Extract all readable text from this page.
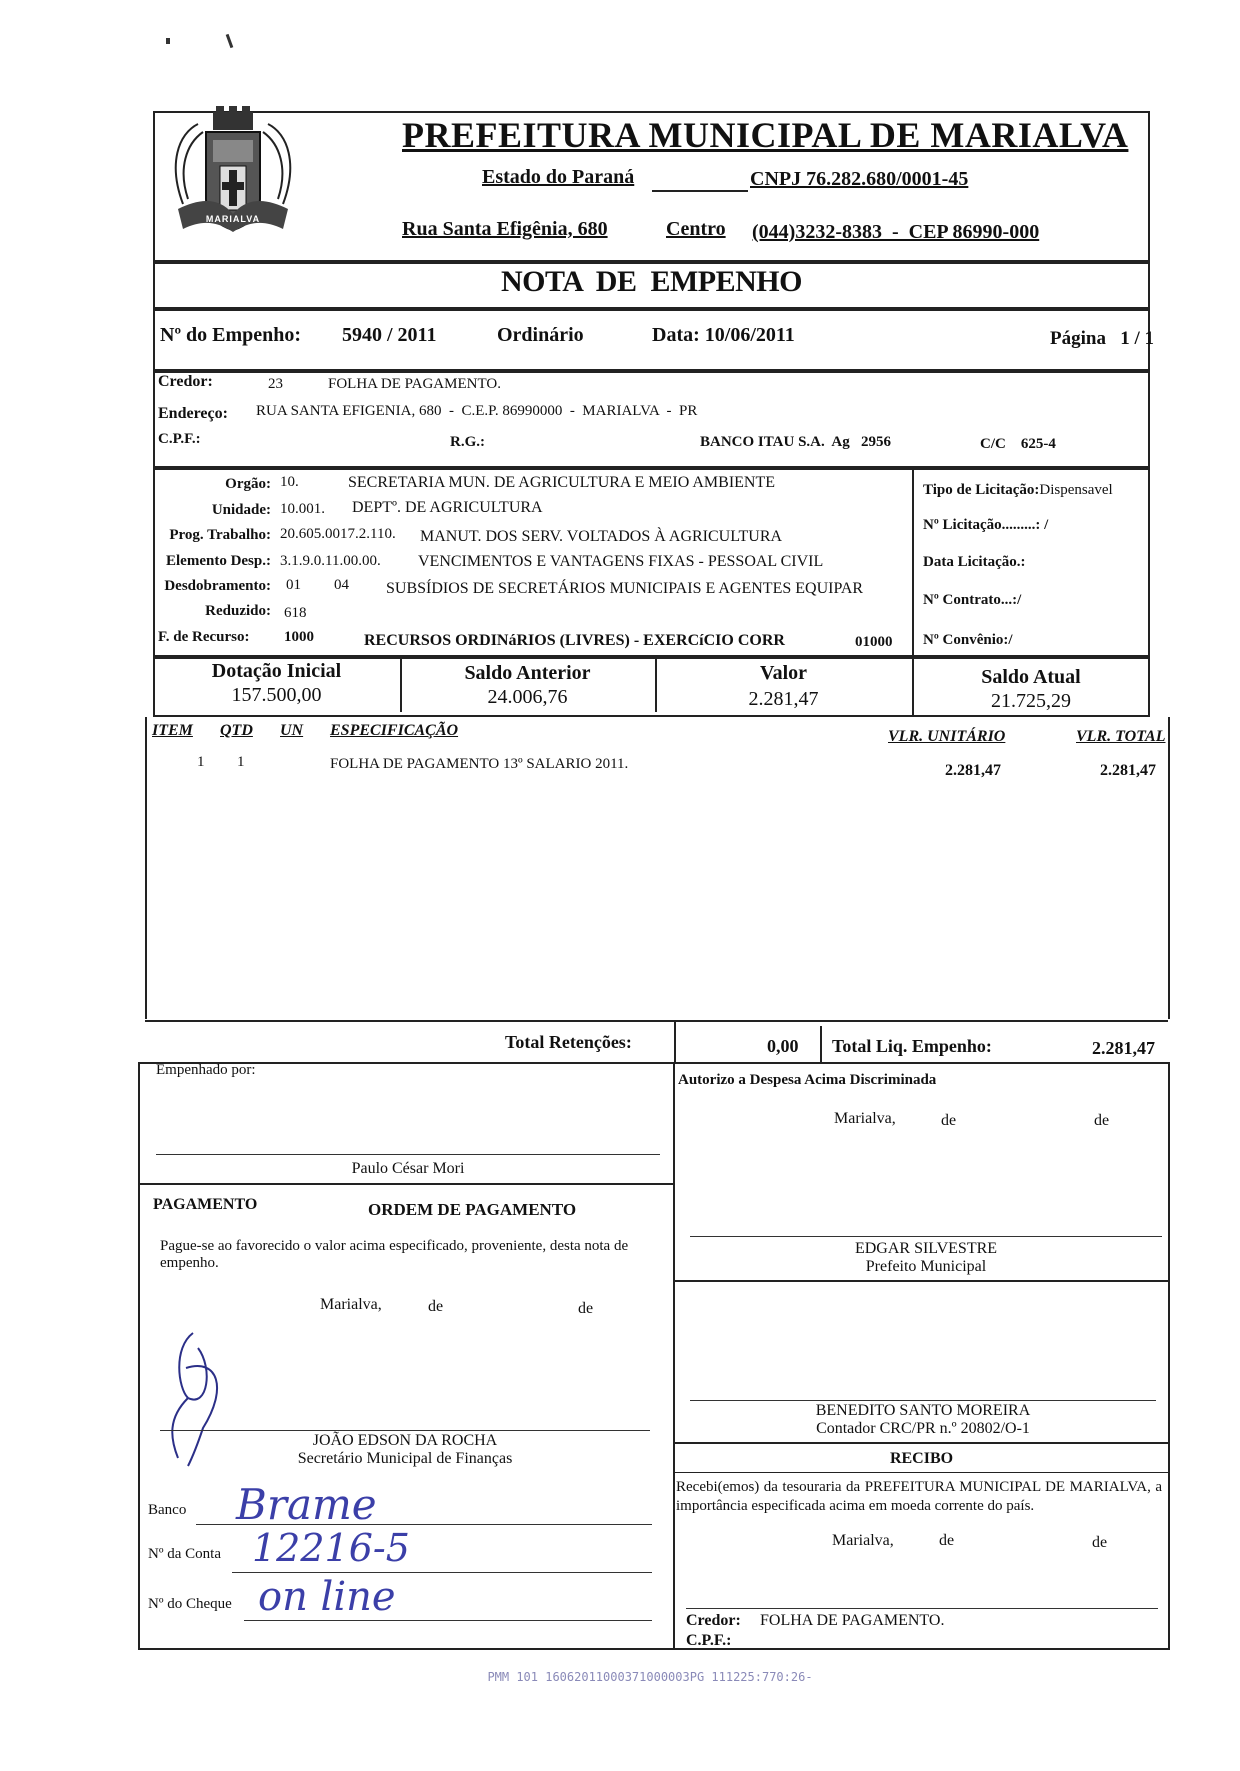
MARIALVA
PREFEITURA MUNICIPAL DE MARIALVA
Estado do Paraná	CNPJ 76.282.680/0001-45
Rua Santa Efigênia, 680	Centro (044)3232-8383  -  CEP 86990-000
NOTA  DE  EMPENHO
Nº do Empenho: 5940 / 2011	Ordinário	Data: 10/06/2011	Página   1 / 1
Credor:	23	FOLHA DE PAGAMENTO.
Endereço: RUA SANTA EFIGENIA, 680  -  C.E.P. 86990000  -  MARIALVA  -  PR
C.P.F.:	R.G.:	BANCO ITAU S.A.  Ag   2956	C/C    625-4
Orgão: 10.	SECRETARIA MUN. DE AGRICULTURA E MEIO AMBIENTE
Unidade: 10.001. DEPTº. DE AGRICULTURA
Prog. Trabalho: 20.605.0017.2.110. MANUT. DOS SERV. VOLTADOS À AGRICULTURA
Elemento Desp.: 3.1.9.0.11.00.00. VENCIMENTOS E VANTAGENS FIXAS - PESSOAL CIVIL
Desdobramento: 01 04 SUBSÍDIOS DE SECRETÁRIOS MUNICIPAIS E AGENTES EQUIPAR
Reduzido: 618
F. de Recurso: 1000	RECURSOS ORDINáRIOS (LIVRES) - EXERCíCIO CORR	01000
Tipo de Licitação:Dispensavel
Nº Licitação.........: /
Data Licitação.:
Nº Contrato...:/
Nº Convênio:/
Dotação Inicial
157.500,00
Saldo Anterior
24.006,76
Valor
2.281,47
Saldo Atual
21.725,29
ITEM QTD UN ESPECIFICAÇÃO	VLR. UNITÁRIO	VLR. TOTAL
1 1	FOLHA DE PAGAMENTO 13º SALARIO 2011.	2.281,47	2.281,47
Total Retenções:	0,00 Total Liq. Empenho:	2.281,47
Empenhado por:
Paulo César Mori
PAGAMENTO	ORDEM DE PAGAMENTO
Pague-se ao favorecido o valor acima especificado, proveniente, desta nota de empenho.
Marialva,	de	de
JOÃO EDSON DA ROCHA
Secretário Municipal de Finanças
Banco Brame
Nº da Conta 12216-5
Nº do Cheque on line
Autorizo a Despesa Acima Discriminada
Marialva,	de	de
EDGAR SILVESTRE
Prefeito Municipal
BENEDITO SANTO MOREIRA
Contador CRC/PR n.º 20802/O-1
RECIBO
Recebi(emos) da tesouraria da PREFEITURA MUNICIPAL DE MARIALVA, a importância especificada acima em moeda corrente do país.
Marialva,	de	de
Credor: FOLHA DE PAGAMENTO.
C.P.F.:
PMM 101 16062011000371000003PG 111225:770:26-
